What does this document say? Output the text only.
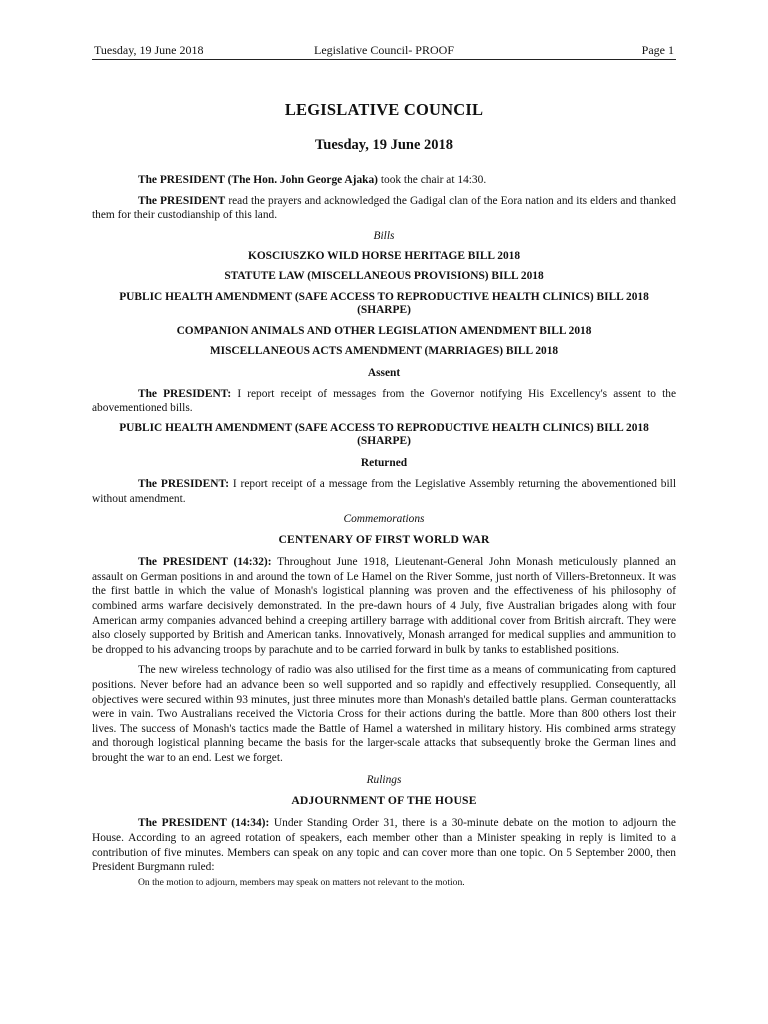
Tuesday, 19 June 2018	Legislative Council- PROOF	Page 1
LEGISLATIVE COUNCIL
Tuesday, 19 June 2018

The PRESIDENT (The Hon. John George Ajaka) took the chair at 14:30.

The PRESIDENT read the prayers and acknowledged the Gadigal clan of the Eora nation and its elders and thanked them for their custodianship of this land.

Bills
KOSCIUSZKO WILD HORSE HERITAGE BILL 2018
STATUTE LAW (MISCELLANEOUS PROVISIONS) BILL 2018
PUBLIC HEALTH AMENDMENT (SAFE ACCESS TO REPRODUCTIVE HEALTH CLINICS) BILL 2018 (SHARPE)
COMPANION ANIMALS AND OTHER LEGISLATION AMENDMENT BILL 2018
MISCELLANEOUS ACTS AMENDMENT (MARRIAGES) BILL 2018
Assent

The PRESIDENT: I report receipt of messages from the Governor notifying His Excellency's assent to the abovementioned bills.

PUBLIC HEALTH AMENDMENT (SAFE ACCESS TO REPRODUCTIVE HEALTH CLINICS) BILL 2018 (SHARPE)
Returned

The PRESIDENT: I report receipt of a message from the Legislative Assembly returning the abovementioned bill without amendment.

Commemorations
CENTENARY OF FIRST WORLD WAR

The PRESIDENT (14:32): Throughout June 1918, Lieutenant-General John Monash meticulously planned an assault on German positions in and around the town of Le Hamel on the River Somme, just north of Villers-Bretonneux. It was the first battle in which the value of Monash's logistical planning was proven and the effectiveness of his philosophy of combined arms warfare decisively demonstrated. In the pre-dawn hours of 4 July, five Australian brigades along with four American army companies advanced behind a creeping artillery barrage with additional cover from British aircraft. They were also closely supported by British and American tanks. Innovatively, Monash arranged for medical supplies and ammunition to be dropped to his advancing troops by parachute and to be carried forward in bulk by tanks to established positions.

The new wireless technology of radio was also utilised for the first time as a means of communicating from captured positions. Never before had an advance been so well supported and so rapidly and effectively resupplied. Consequently, all objectives were secured within 93 minutes, just three minutes more than Monash's detailed battle plans. German counterattacks were in vain. Two Australians received the Victoria Cross for their actions during the battle. More than 800 others lost their lives. The success of Monash's tactics made the Battle of Hamel a watershed in military history. His combined arms strategy and thorough logistical planning became the basis for the larger-scale attacks that subsequently broke the German lines and brought the war to an end. Lest we forget.

Rulings
ADJOURNMENT OF THE HOUSE

The PRESIDENT (14:34): Under Standing Order 31, there is a 30-minute debate on the motion to adjourn the House. According to an agreed rotation of speakers, each member other than a Minister speaking in reply is limited to a contribution of five minutes. Members can speak on any topic and can cover more than one topic. On 5 September 2000, then President Burgmann ruled:

On the motion to adjourn, members may speak on matters not relevant to the motion.
